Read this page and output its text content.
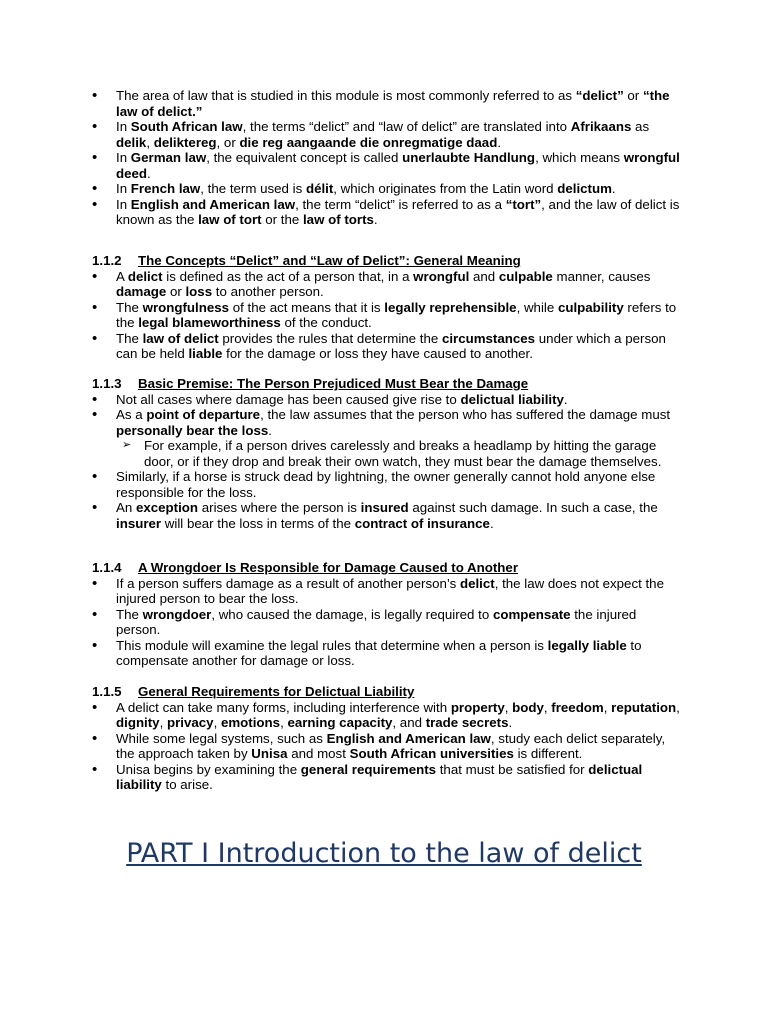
• The area of law that is studied in this module is most commonly referred to as “delict” or “the law of delict.”
• In South African law, the terms “delict” and “law of delict” are translated into Afrikaans as delik, deliktereg, or die reg aangaande die onregmatige daad.
• In German law, the equivalent concept is called unerlaubte Handlung, which means wrongful deed.
• In French law, the term used is délit, which originates from the Latin word delictum.
• In English and American law, the term “delict” is referred to as a “tort”, and the law of delict is known as the law of tort or the law of torts.
1.1.2 The Concepts “Delict” and “Law of Delict”: General Meaning
• A delict is defined as the act of a person that, in a wrongful and culpable manner, causes damage or loss to another person.
• The wrongfulness of the act means that it is legally reprehensible, while culpability refers to the legal blameworthiness of the conduct.
• The law of delict provides the rules that determine the circumstances under which a person can be held liable for the damage or loss they have caused to another.
1.1.3 Basic Premise: The Person Prejudiced Must Bear the Damage
• Not all cases where damage has been caused give rise to delictual liability.
• As a point of departure, the law assumes that the person who has suffered the damage must personally bear the loss.
➢ For example, if a person drives carelessly and breaks a headlamp by hitting the garage door, or if they drop and break their own watch, they must bear the damage themselves.
• Similarly, if a horse is struck dead by lightning, the owner generally cannot hold anyone else responsible for the loss.
• An exception arises where the person is insured against such damage. In such a case, the insurer will bear the loss in terms of the contract of insurance.
1.1.4 A Wrongdoer Is Responsible for Damage Caused to Another
• If a person suffers damage as a result of another person’s delict, the law does not expect the injured person to bear the loss.
• The wrongdoer, who caused the damage, is legally required to compensate the injured person.
• This module will examine the legal rules that determine when a person is legally liable to compensate another for damage or loss.
1.1.5 General Requirements for Delictual Liability
• A delict can take many forms, including interference with property, body, freedom, reputation, dignity, privacy, emotions, earning capacity, and trade secrets.
• While some legal systems, such as English and American law, study each delict separately, the approach taken by Unisa and most South African universities is different.
• Unisa begins by examining the general requirements that must be satisfied for delictual liability to arise.
PART I Introduction to the law of delict
